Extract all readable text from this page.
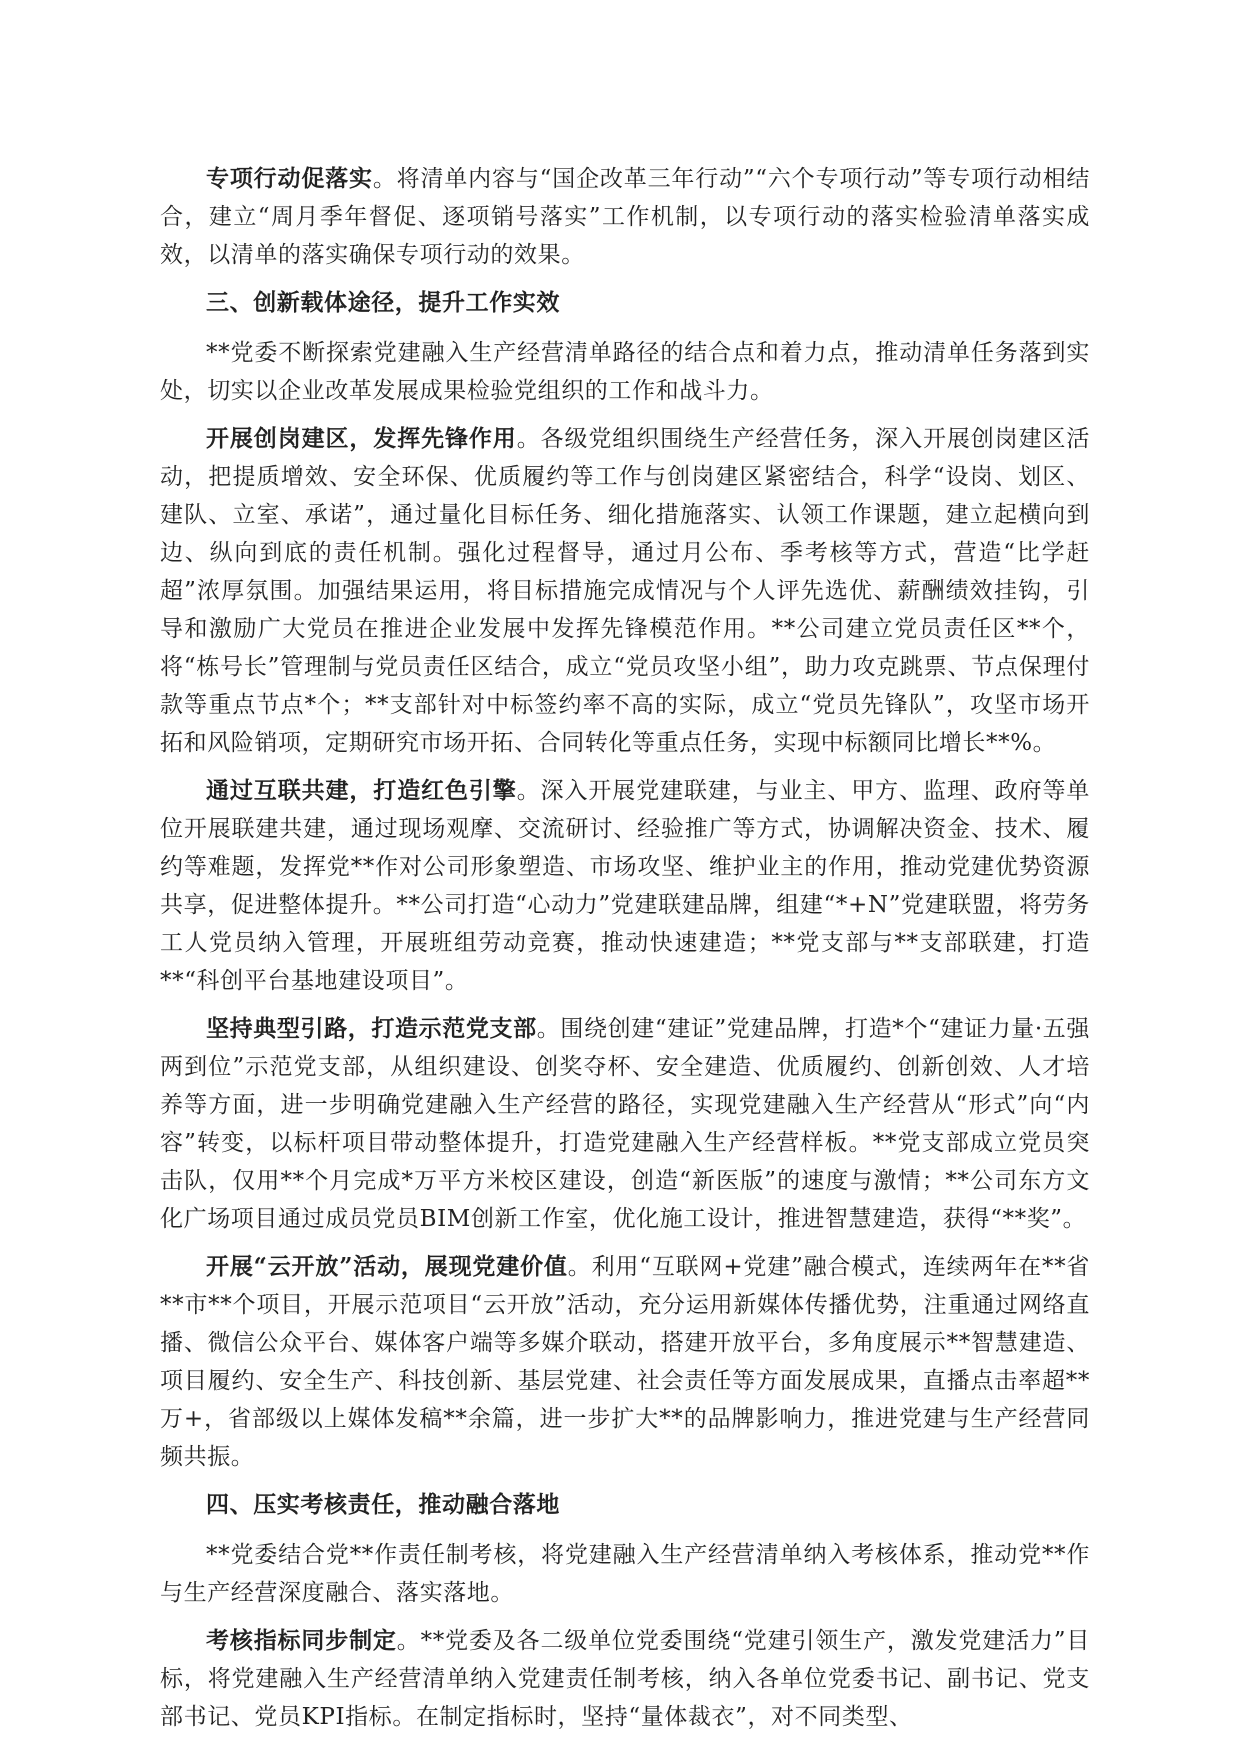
专项行动促落实。将清单内容与“国企改革三年行动”“六个专项行动”等专项行动相结合，建立“周月季年督促、逐项销号落实”工作机制，以专项行动的落实检验清单落实成效，以清单的落实确保专项行动的效果。

三、创新载体途径，提升工作实效

**党委不断探索党建融入生产经营清单路径的结合点和着力点，推动清单任务落到实处，切实以企业改革发展成果检验党组织的工作和战斗力。

开展创岗建区，发挥先锋作用。各级党组织围绕生产经营任务，深入开展创岗建区活动，把提质增效、安全环保、优质履约等工作与创岗建区紧密结合，科学“设岗、划区、建队、立室、承诺”，通过量化目标任务、细化措施落实、认领工作课题，建立起横向到边、纵向到底的责任机制。强化过程督导，通过月公布、季考核等方式，营造“比学赶超”浓厚氛围。加强结果运用，将目标措施完成情况与个人评先选优、薪酬绩效挂钩，引导和激励广大党员在推进企业发展中发挥先锋模范作用。**公司建立党员责任区**个，将“栋号长”管理制与党员责任区结合，成立“党员攻坚小组”，助力攻克跳票、节点保理付款等重点节点*个；**支部针对中标签约率不高的实际，成立“党员先锋队”，攻坚市场开拓和风险销项，定期研究市场开拓、合同转化等重点任务，实现中标额同比增长**%。

通过互联共建，打造红色引擎。深入开展党建联建，与业主、甲方、监理、政府等单位开展联建共建，通过现场观摩、交流研讨、经验推广等方式，协调解决资金、技术、履约等难题，发挥党**作对公司形象塑造、市场攻坚、维护业主的作用，推动党建优势资源共享，促进整体提升。**公司打造“心动力”党建联建品牌，组建“*+N”党建联盟，将劳务工人党员纳入管理，开展班组劳动竞赛，推动快速建造；**党支部与**支部联建，打造**“科创平台基地建设项目”。

坚持典型引路，打造示范党支部。围绕创建“建证”党建品牌，打造*个“建证力量·五强两到位”示范党支部，从组织建设、创奖夺杯、安全建造、优质履约、创新创效、人才培养等方面，进一步明确党建融入生产经营的路径，实现党建融入生产经营从“形式”向“内容”转变，以标杆项目带动整体提升，打造党建融入生产经营样板。**党支部成立党员突击队，仅用**个月完成*万平方米校区建设，创造“新医版”的速度与激情；**公司东方文化广场项目通过成员党员BIM创新工作室，优化施工设计，推进智慧建造，获得“**奖”。

开展“云开放”活动，展现党建价值。利用“互联网+党建”融合模式，连续两年在**省**市**个项目，开展示范项目“云开放”活动，充分运用新媒体传播优势，注重通过网络直播、微信公众平台、媒体客户端等多媒介联动，搭建开放平台，多角度展示**智慧建造、项目履约、安全生产、科技创新、基层党建、社会责任等方面发展成果，直播点击率超**万+，省部级以上媒体发稿**余篇，进一步扩大**的品牌影响力，推进党建与生产经营同频共振。

四、压实考核责任，推动融合落地

**党委结合党**作责任制考核，将党建融入生产经营清单纳入考核体系，推动党**作与生产经营深度融合、落实落地。

考核指标同步制定。**党委及各二级单位党委围绕“党建引领生产，激发党建活力”目标，将党建融入生产经营清单纳入党建责任制考核，纳入各单位党委书记、副书记、党支部书记、党员KPI指标。在制定指标时，坚持“量体裁衣”，对不同类型、
